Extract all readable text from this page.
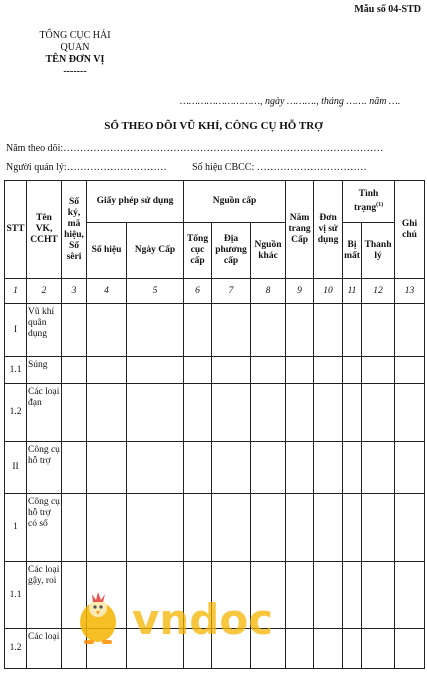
Mẫu số 04-STD
TỔNG CỤC HẢI
QUAN
TÊN ĐƠN VỊ
-------
………………………, ngày ………., tháng ……. năm ….
SỔ THEO DÕI VŨ KHÍ, CÔNG CỤ HỖ TRỢ
Năm theo dõi:……………………………………………………………………………………
Người quản lý:…………………………	Số hiệu CBCC: ……………………………
STT	Tên VK, CCHT	Số ký, mã hiệu, Số sêri	Giấy phép sử dụng		Nguồn cấp			Năm trang Cấp	Đơn vị sử dụng	Tình trạng$^{(1)}$		Ghi chú
			Số hiệu	Ngày Cấp	Tổng cục cấp	Địa phương cấp	Nguồn khác			Bị mất	Thanh lý	
1	2	3	4	5	6	7	8	9	10	11	12	13
I	Vũ khí quân dụng											
1.1	Súng											
1.2	Các loại đạn											
II	Công cụ hỗ trợ											
1	Công cụ hỗ trợ có số											
1.1	Các loại gậy, roi											
1.2	Các loại											vndoc
